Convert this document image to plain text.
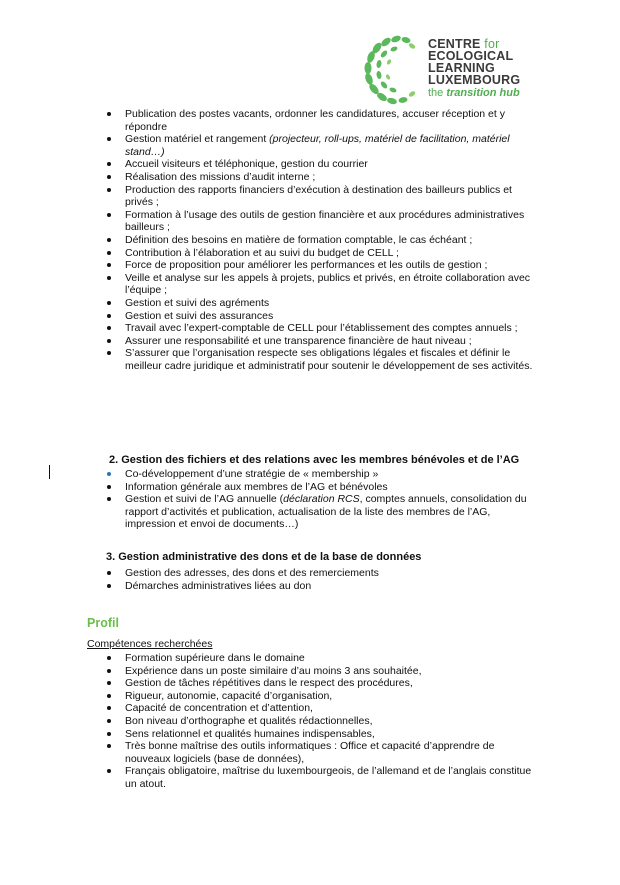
CENTRE for
ECOLOGICAL
LEARNING
LUXEMBOURG
the transition hub
Publication des postes vacants, ordonner les candidatures, accuser réception et y répondre
Gestion matériel et rangement (projecteur, roll-ups, matériel de facilitation, matériel stand…)
Accueil visiteurs et téléphonique, gestion du courrier
Réalisation des missions d’audit interne ;
Production des rapports financiers d’exécution à destination des bailleurs publics et privés ;
Formation à l’usage des outils de gestion financière et aux procédures administratives bailleurs ;
Définition des besoins en matière de formation comptable, le cas échéant ;
Contribution à l’élaboration et au suivi du budget de CELL ;
Force de proposition pour améliorer les performances et les outils de gestion ;
Veille et analyse sur les appels à projets, publics et privés, en étroite collaboration avec l’équipe ;
Gestion et suivi des agréments
Gestion et suivi des assurances
Travail avec l’expert-comptable de CELL pour l’établissement des comptes annuels ;
Assurer une responsabilité et une transparence financière de haut niveau ;
S’assurer que l’organisation respecte ses obligations légales et fiscales et définir le meilleur cadre juridique et administratif pour soutenir le développement de ses activités.
2. Gestion des fichiers et des relations avec les membres bénévoles et de l’AG
Co-développement d’une stratégie de « membership »
Information générale aux membres de l’AG et bénévoles
Gestion et suivi de l’AG annuelle (déclaration RCS, comptes annuels, consolidation du rapport d’activités et publication, actualisation de la liste des membres de l’AG, impression et envoi de documents…)
3. Gestion administrative des dons et de la base de données
Gestion des adresses, des dons et des remerciements
Démarches administratives liées au don
Profil
Compétences recherchées
Formation supérieure dans le domaine
Expérience dans un poste similaire d’au moins 3 ans souhaitée,
Gestion de tâches répétitives dans le respect des procédures,
Rigueur, autonomie, capacité d’organisation,
Capacité de concentration et d’attention,
Bon niveau d’orthographe et qualités rédactionnelles,
Sens relationnel et qualités humaines indispensables,
Très bonne maîtrise des outils informatiques : Office et capacité d’apprendre de nouveaux logiciels (base de données),
Français obligatoire, maîtrise du luxembourgeois, de l’allemand et de l’anglais constitue un atout.
